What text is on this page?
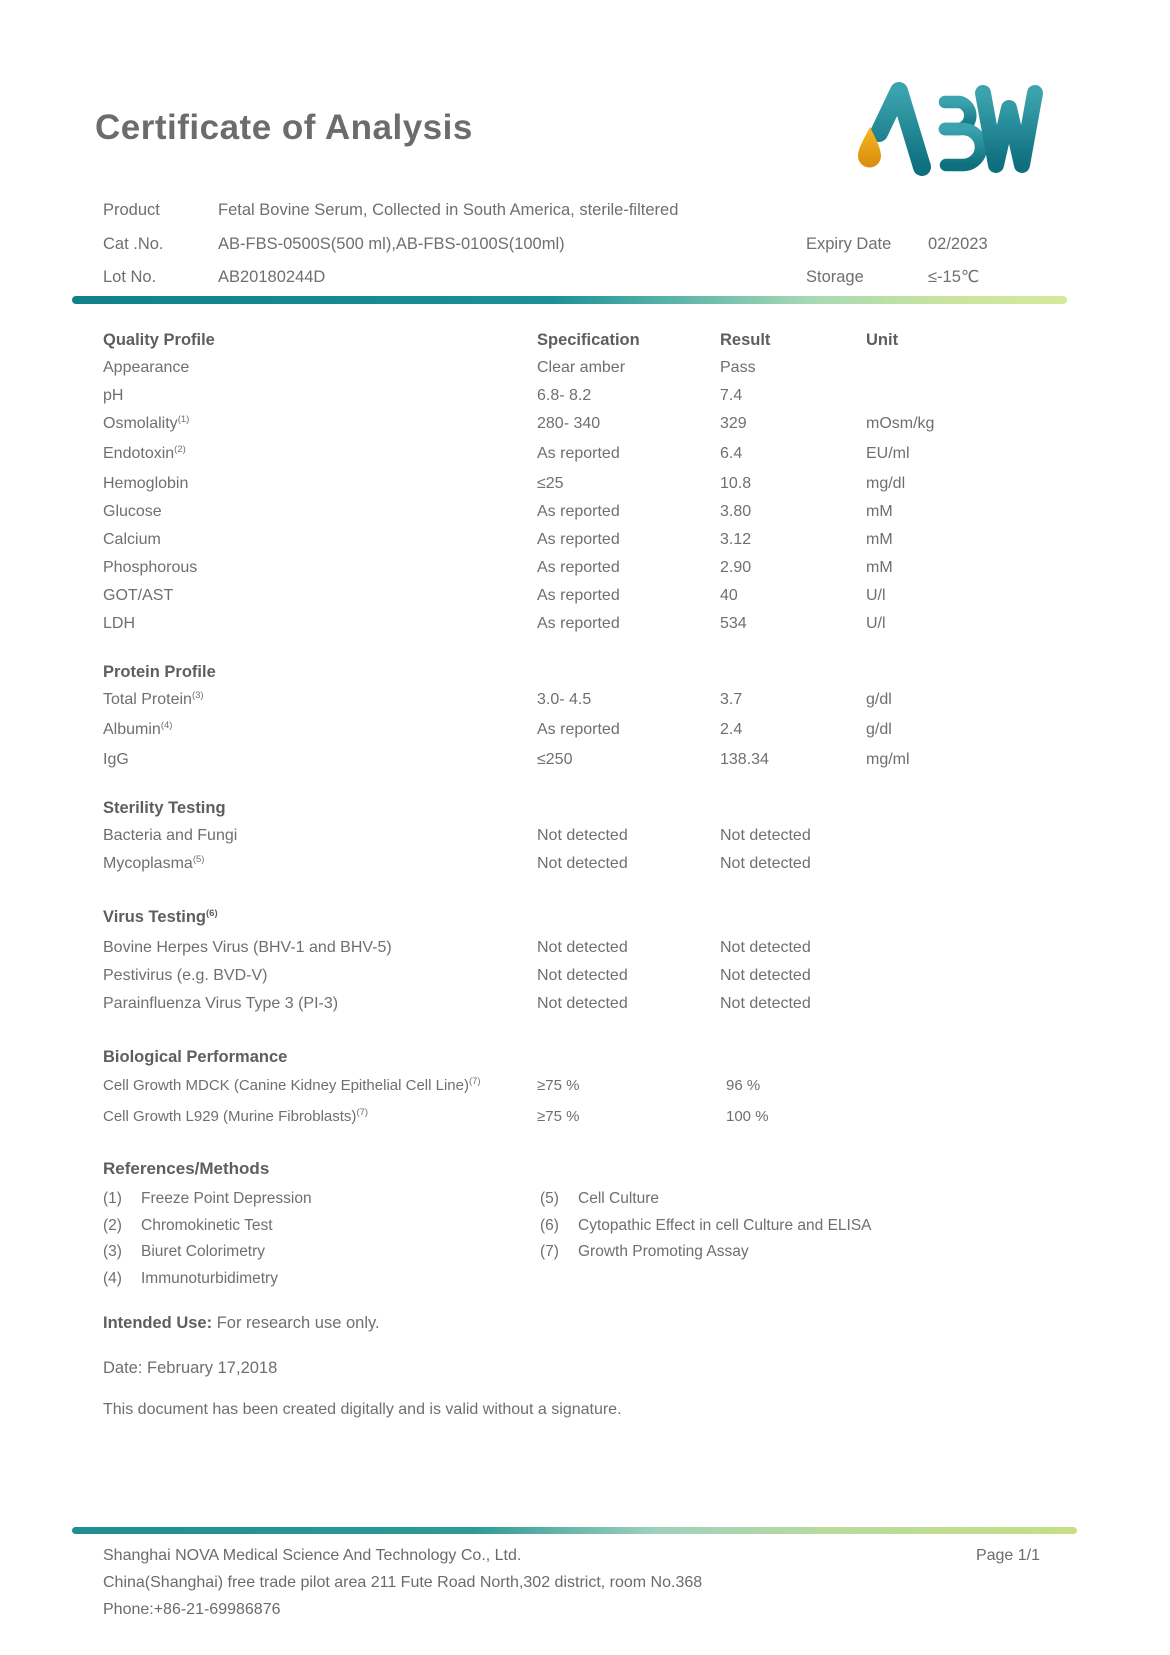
Certificate of Analysis
Product	Fetal Bovine Serum, Collected in South America, sterile-filtered
Cat .No.	AB-FBS-0500S(500 ml),AB-FBS-0100S(100ml)	Expiry Date 02/2023
Lot No.	AB20180244D	Storage	≤-15℃
Quality Profile	Specification	Result	Unit
Appearance	Clear amber	Pass
pH	6.8- 8.2	7.4
Osmolality$^{(1)}$	280- 340	329	mOsm/kg
Endotoxin$^{(2)}$	As reported	6.4	EU/ml
Hemoglobin	≤25	10.8	mg/dl
Glucose	As reported	3.80	mM
Calcium	As reported	3.12	mM
Phosphorous	As reported	2.90	mM
GOT/AST	As reported	40	U/l
LDH	As reported	534	U/l
Protein Profile
Total Protein$^{(3)}$	3.0- 4.5	3.7	g/dl
Albumin$^{(4)}$	As reported	2.4	g/dl
IgG	≤250	138.34	mg/ml
Sterility Testing
Bacteria and Fungi	Not detected	Not detected
Mycoplasma$^{(5)}$	Not detected	Not detected
Virus Testing$^{(6)}$
Bovine Herpes Virus (BHV-1 and BHV-5)	Not detected	Not detected
Pestivirus (e.g. BVD-V)	Not detected	Not detected
Parainfluenza Virus Type 3 (PI-3)	Not detected	Not detected
Biological Performance
Cell Growth MDCK (Canine Kidney Epithelial Cell Line)$^{(7)}$	≥75 %	96 %
Cell Growth L929 (Murine Fibroblasts)$^{(7)}$	≥75 %	100 %
References/Methods
(1)	Freeze Point Depression
(2)	Chromokinetic Test
(3)	Biuret Colorimetry
(4)	Immunoturbidimetry
(5)	Cell Culture
(6)	Cytopathic Effect in cell Culture and ELISA
(7)	Growth Promoting Assay
Intended Use: For research use only.
Date: February 17,2018
This document has been created digitally and is valid without a signature.
Shanghai NOVA Medical Science And Technology Co., Ltd.
China(Shanghai) free trade pilot area 211 Fute Road North,302 district, room No.368
Phone:+86-21-69986876
Page 1/1
